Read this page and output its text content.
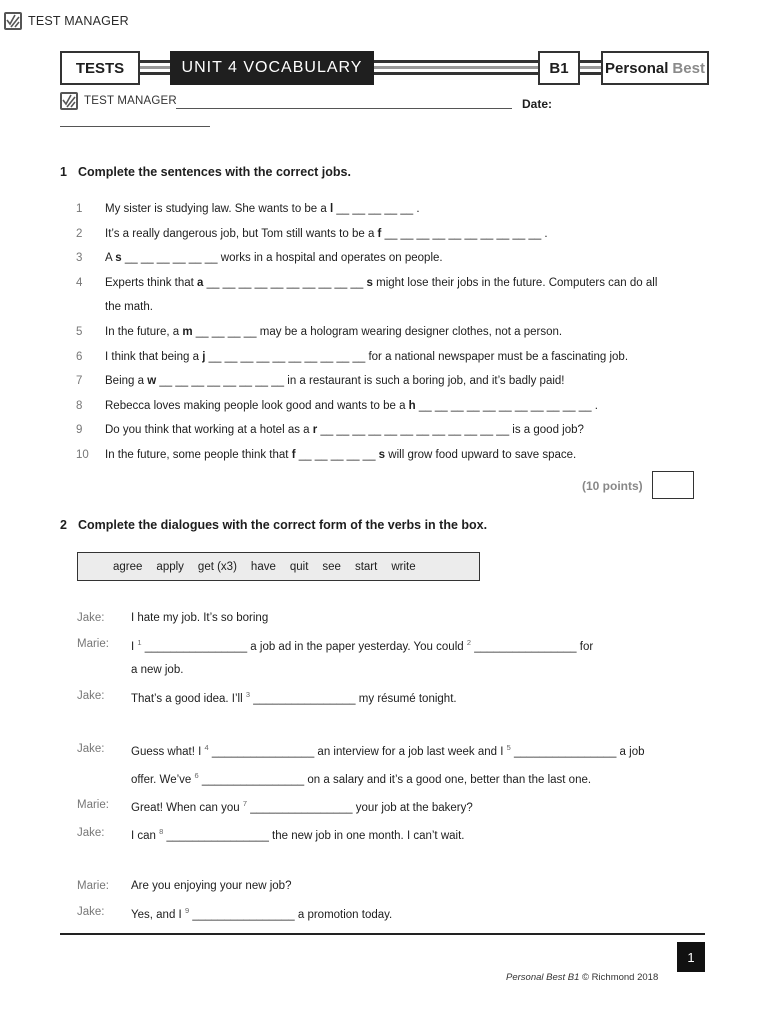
TEST MANAGER
TESTS	UNIT 4 VOCABULARY	B1	Personal Best
TEST MANAGER	Date:
1 Complete the sentences with the correct jobs.
1	My sister is studying law. She wants to be a l __ __ __ __ __ .
2	It’s a really dangerous job, but Tom still wants to be a f __ __ __ __ __ __ __ __ __ __ .
3	A s __ __ __ __ __ __ works in a hospital and operates on people.
4	Experts think that a __ __ __ __ __ __ __ __ __ __ s might lose their jobs in the future. Computers can do all
the math.
5	In the future, a m __ __ __ __ may be a hologram wearing designer clothes, not a person.
6	I think that being a j __ __ __ __ __ __ __ __ __ __ for a national newspaper must be a fascinating job.
7	Being a w __ __ __ __ __ __ __ __ in a restaurant is such a boring job, and it’s badly paid!
8	Rebecca loves making people look good and wants to be a h __ __ __ __ __ __ __ __ __ __ __ .
9	Do you think that working at a hotel as a r __ __ __ __ __ __ __ __ __ __ __ __ is a good job?
10	In the future, some people think that f __ __ __ __ __ s will grow food upward to save space.
(10 points)
2 Complete the dialogues with the correct form of the verbs in the box.
agree apply get (x3) have quit see start write
Jake:	I hate my job. It’s so boring
Marie:	I $^1$ ________________ a job ad in the paper yesterday. You could $^2$ ________________ for
a new job.
Jake:	That’s a good idea. I’ll $^3$ ________________ my résumé tonight.
Jake:	Guess what! I $^4$ ________________ an interview for a job last week and I $^5$ ________________ a job
offer. We’ve $^6$ ________________ on a salary and it’s a good one, better than the last one.
Marie:	Great! When can you $^7$ ________________ your job at the bakery?
Jake:	I can $^8$ ________________ the new job in one month. I can’t wait.
Marie:	Are you enjoying your new job?
Jake:	Yes, and I $^9$ ________________ a promotion today.
1
Personal Best B1 © Richmond 2018
